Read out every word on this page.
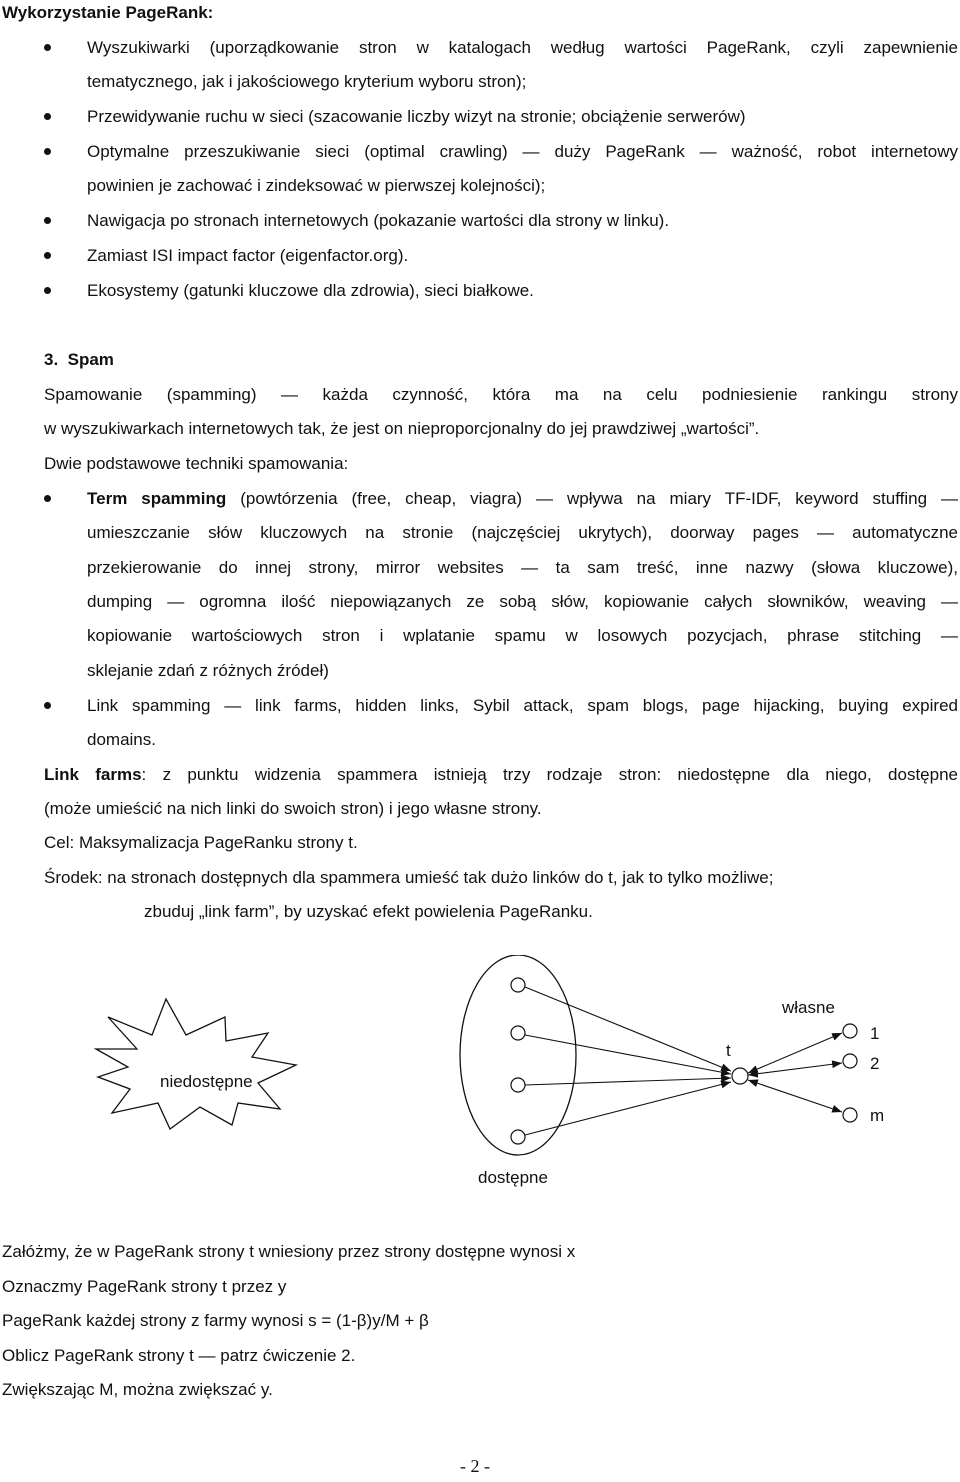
Wykorzystanie PageRank:
Wyszukiwarki (uporządkowanie stron w katalogach według wartości PageRank, czyli zapewnienie
tematycznego, jak i jakościowego kryterium wyboru stron);
Przewidywanie ruchu w sieci (szacowanie liczby wizyt na stronie; obciążenie serwerów)
Optymalne przeszukiwanie sieci (optimal crawling) — duży PageRank — ważność, robot internetowy
powinien je zachować i zindeksować w pierwszej kolejności);
Nawigacja po stronach internetowych (pokazanie wartości dla strony w linku).
Zamiast ISI impact factor (eigenfactor.org).
Ekosystemy (gatunki kluczowe dla zdrowia), sieci białkowe.
3.  Spam
Spamowanie (spamming) — każda czynność, która ma na celu podniesienie rankingu strony
w wyszukiwarkach internetowych tak, że jest on nieproporcjonalny do jej prawdziwej „wartości”.
Dwie podstawowe techniki spamowania:
Term spamming (powtórzenia (free, cheap, viagra) — wpływa na miary TF-IDF, keyword stuffing —
umieszczanie słów kluczowych na stronie (najczęściej ukrytych), doorway pages — automatyczne
przekierowanie do innej strony, mirror websites — ta sam treść, inne nazwy (słowa kluczowe),
dumping — ogromna ilość niepowiązanych ze sobą słów, kopiowanie całych słowników, weaving —
kopiowanie wartościowych stron i wplatanie spamu w losowych pozycjach, phrase stitching —
sklejanie zdań z różnych źródeł)
Link spamming — link farms, hidden links, Sybil attack, spam blogs, page hijacking, buying expired
domains.
Link farms: z punktu widzenia spammera istnieją trzy rodzaje stron: niedostępne dla niego, dostępne
(może umieścić na nich linki do swoich stron) i jego własne strony.
Cel: Maksymalizacja PageRanku strony t.
Środek: na stronach dostępnych dla spammera umieść tak dużo linków do t, jak to tylko możliwe;
zbuduj „link farm”, by uzyskać efekt powielenia PageRanku.
niedostępne
dostępne
t
własne
1
2
m
Załóżmy, że w PageRank strony t wniesiony przez strony dostępne wynosi x
Oznaczmy PageRank strony t przez y
PageRank każdej strony z farmy wynosi s = (1-β)y/M + β
Oblicz PageRank strony t — patrz ćwiczenie 2.
Zwiększając M, można zwiększać y.
- 2 -
